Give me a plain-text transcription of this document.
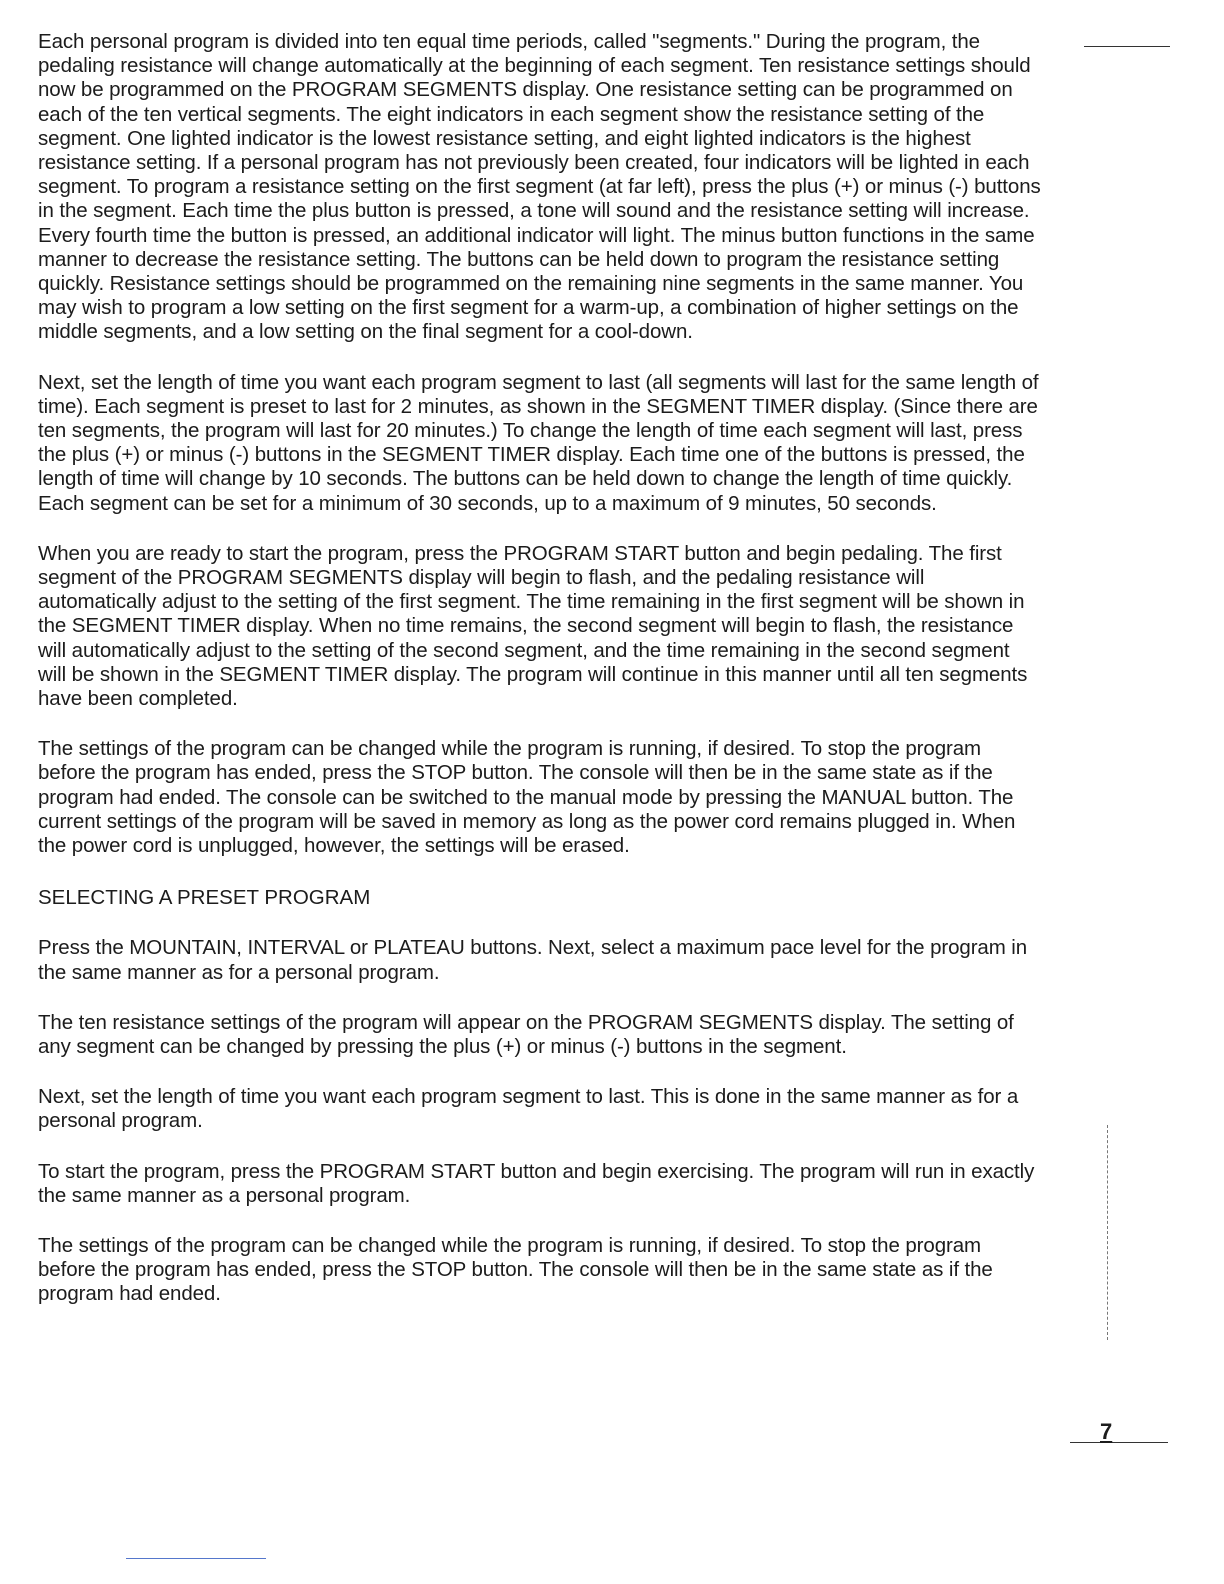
Each personal program is divided into ten equal time periods, called "segments." During the program, the pedaling resistance will change automatically at the beginning of each segment. Ten resistance settings should now be programmed on the PROGRAM SEGMENTS display. One resistance setting can be programmed on each of the ten vertical segments. The eight indicators in each segment show the resistance setting of the segment. One lighted indicator is the lowest resistance setting, and eight lighted indicators is the highest resistance setting. If a personal program has not previously been created, four indicators will be lighted in each segment. To program a resistance setting on the first segment (at far left), press the plus (+) or minus (-) buttons in the segment. Each time the plus button is pressed, a tone will sound and the resistance setting will increase. Every fourth time the button is pressed, an additional indicator will light. The minus button functions in the same manner to decrease the resistance setting. The buttons can be held down to program the resistance setting quickly. Resistance settings should be programmed on the remaining nine segments in the same manner. You may wish to program a low setting on the first segment for a warm-up, a combination of higher settings on the middle segments, and a low setting on the final segment for a cool-down.

Next, set the length of time you want each program segment to last (all segments will last for the same length of time). Each segment is preset to last for 2 minutes, as shown in the SEGMENT TIMER display. (Since there are ten segments, the program will last for 20 minutes.) To change the length of time each segment will last, press the plus (+) or minus (-) buttons in the SEGMENT TIMER display. Each time one of the buttons is pressed, the length of time will change by 10 seconds. The buttons can be held down to change the length of time quickly. Each segment can be set for a minimum of 30 seconds, up to a maximum of 9 minutes, 50 seconds.

When you are ready to start the program, press the PROGRAM START button and begin pedaling. The first segment of the PROGRAM SEGMENTS display will begin to flash, and the pedaling resistance will automatically adjust to the setting of the first segment. The time remaining in the first segment will be shown in the SEGMENT TIMER display. When no time remains, the second segment will begin to flash, the resistance will automatically adjust to the setting of the second segment, and the time remaining in the second segment will be shown in the SEGMENT TIMER display. The program will continue in this manner until all ten segments have been completed.

The settings of the program can be changed while the program is running, if desired. To stop the program before the program has ended, press the STOP button. The console will then be in the same state as if the program had ended. The console can be switched to the manual mode by pressing the MANUAL button. The current settings of the program will be saved in memory as long as the power cord remains plugged in. When the power cord is unplugged, however, the settings will be erased.

SELECTING A PRESET PROGRAM

Press the MOUNTAIN, INTERVAL or PLATEAU buttons. Next, select a maximum pace level for the program in the same manner as for a personal program.

The ten resistance settings of the program will appear on the PROGRAM SEGMENTS display. The setting of any segment can be changed by pressing the plus (+) or minus (-) buttons in the segment.

Next, set the length of time you want each program segment to last. This is done in the same manner as for a personal program.

To start the program, press the PROGRAM START button and begin exercising. The program will run in exactly the same manner as a personal program.

The settings of the program can be changed while the program is running, if desired. To stop the program before the program has ended, press the STOP button. The console will then be in the same state as if the program had ended.

7
